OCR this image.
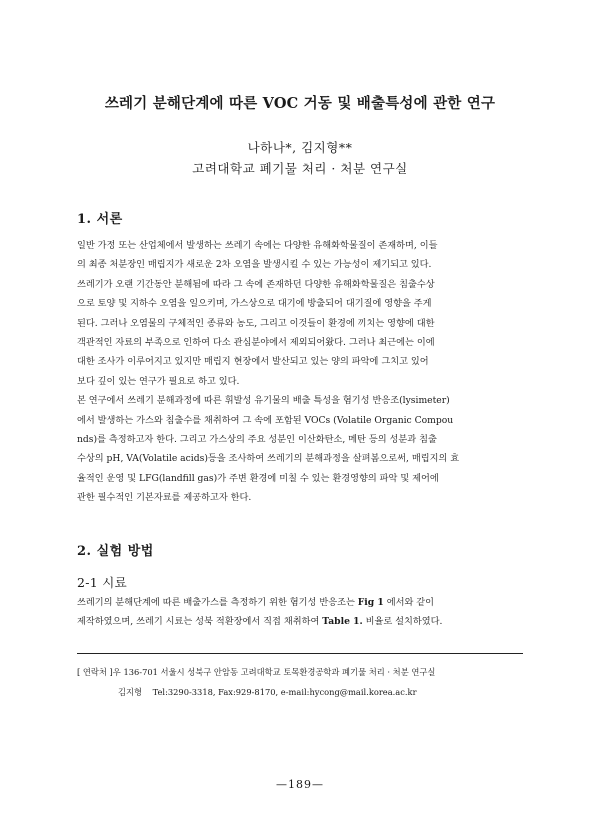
쓰레기 분해단계에 따른 VOC 거동 및 배출특성에 관한 연구
나하나*, 김지형**
고려대학교 폐기물 처리 · 처분 연구실
1. 서론
일반 가정 또는 산업체에서 발생하는 쓰레기 속에는 다양한 유해화학물질이 존재하며, 이들
의 최종 처분장인 매립지가 새로운 2차 오염을 발생시킬 수 있는 가능성이 제기되고 있다.
쓰레기가 오랜 기간동안 분해됨에 따라 그 속에 존재하던 다양한 유해화학물질은 침출수상
으로 토양 및 지하수 오염을 일으키며, 가스상으로 대기에 방출되어 대기질에 영향을 주게
된다. 그러나 오염물의 구체적인 종류와 농도, 그리고 이것들이 환경에 끼치는 영향에 대한
객관적인 자료의 부족으로 인하여 다소 관심분야에서 제외되어왔다. 그러나 최근에는 이에
대한 조사가 이루어지고 있지만 매립지 현장에서 발산되고 있는 양의 파악에 그치고 있어
보다 깊이 있는 연구가 필요로 하고 있다.
본 연구에서 쓰레기 분해과정에 따른 휘발성 유기물의 배출 특성을 혐기성 반응조(lysimeter)
에서 발생하는 가스와 침출수를 채취하여 그 속에 포함된 VOCs (Volatile Organic Compou
nds)를 측정하고자 한다. 그리고 가스상의 주요 성분인 이산화탄소, 메탄 등의 성분과 침출
수상의 pH, VA(Volatile acids)등을 조사하여 쓰레기의 분해과정을 살펴봄으로써, 매립지의 효
율적인 운영 및 LFG(landfill gas)가 주변 환경에 미칠 수 있는 환경영향의 파악 및 제어에
관한 필수적인 기본자료를 제공하고자 한다.
2. 실험 방법
2-1 시료
쓰레기의 분해단계에 따른 배출가스를 측정하기 위한 혐기성 반응조는 Fig 1 에서와 같이
제작하였으며, 쓰레기 시료는 성북 적환장에서 직접 채취하여 Table 1. 비율로 설치하였다.
[ 연락처 ]우 136-701 서울시 성북구 안암동 고려대학교 토목환경공학과 폐기물 처리 · 처분 연구실
김지형 Tel:3290-3318, Fax:929-8170, e-mail:hycong@mail.korea.ac.kr
—189—
